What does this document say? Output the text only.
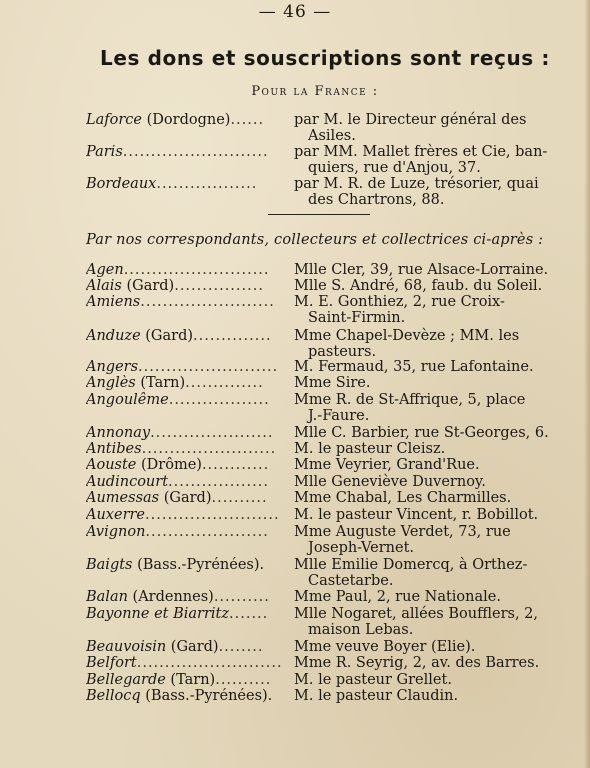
— 46 —
Les dons et souscriptions sont reçus :
Pour la France :
Laforce (Dordogne)......	par M. le Directeur général des
Asiles.
Paris..........................	par MM. Mallet frères et Cie, ban-
quiers, rue d'Anjou, 37.
Bordeaux..................	par M. R. de Luze, trésorier, quai
des Chartrons, 88.
Par nos correspondants, collecteurs et collectrices ci-après :
Agen..........................	Mlle Cler, 39, rue Alsace-Lorraine.
Alais (Gard)................	Mlle S. André, 68, faub. du Soleil.
Amiens........................	M. E. Gonthiez, 2, rue Croix-
Saint-Firmin.
Anduze (Gard)..............	Mme Chapel-Devèze ; MM. les
pasteurs.
Angers.........................	M. Fermaud, 35, rue Lafontaine.
Anglès (Tarn)..............	Mme Sire.
Angoulême..................	Mme R. de St-Affrique, 5, place
J.-Faure.
Annonay......................	Mlle C. Barbier, rue St-Georges, 6.
Antibes........................	M. le pasteur Cleisz.
Aouste (Drôme)............	Mme Veyrier, Grand'Rue.
Audincourt..................	Mlle Geneviève Duvernoy.
Aumessas (Gard)..........	Mme Chabal, Les Charmilles.
Auxerre........................ M. le pasteur Vincent, r. Bobillot.
Avignon......................	Mme Auguste Verdet, 73, rue
Joseph-Vernet.
Baigts (Bass.-Pyrénées).	Mlle Emilie Domercq, à Orthez-
Castetarbe.
Balan (Ardennes)..........	Mme Paul, 2, rue Nationale.
Bayonne et Biarritz.......	Mlle Nogaret, allées Boufflers, 2,
maison Lebas.
Beauvoisin (Gard)........	Mme veuve Boyer (Elie).
Belfort.......................... Mme R. Seyrig, 2, av. des Barres.
Bellegarde (Tarn)..........	M. le pasteur Grellet.
Bellocq (Bass.-Pyrénées).	M. le pasteur Claudin.
